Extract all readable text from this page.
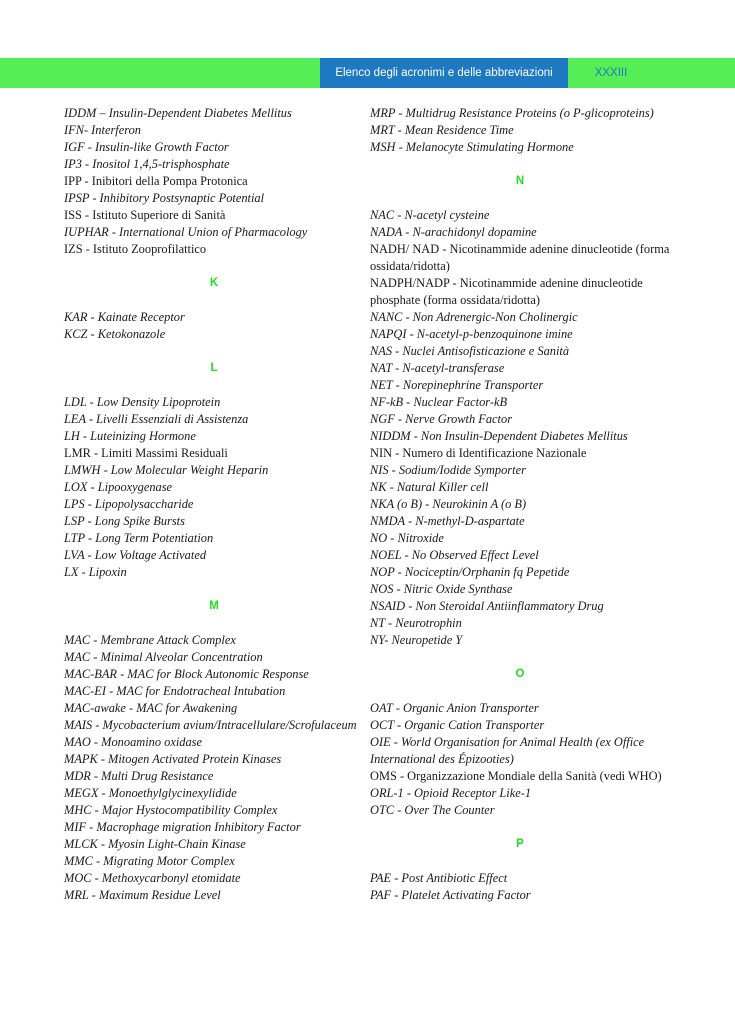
Elenco degli acronimi e delle abbreviazioni	XXXIII
IDDM – Insulin-Dependent Diabetes Mellitus
IFN- Interferon
IGF - Insulin-like Growth Factor
IP3 - Inositol 1,4,5-trisphosphate
IPP - Inibitori della Pompa Protonica
IPSP - Inhibitory Postsynaptic Potential
ISS - Istituto Superiore di Sanità
IUPHAR - International Union of Pharmacology
IZS - Istituto Zooprofilattico
K
KAR - Kainate Receptor
KCZ - Ketokonazole
L
LDL - Low Density Lipoprotein
LEA - Livelli Essenziali di Assistenza
LH - Luteinizing Hormone
LMR - Limiti Massimi Residuali
LMWH - Low Molecular Weight Heparin
LOX - Lipooxygenase
LPS - Lipopolysaccharide
LSP - Long Spike Bursts
LTP - Long Term Potentiation
LVA - Low Voltage Activated
LX - Lipoxin
M
MAC - Membrane Attack Complex
MAC - Minimal Alveolar Concentration
MAC-BAR - MAC for Block Autonomic Response
MAC-EI - MAC for Endotracheal Intubation
MAC-awake - MAC for Awakening
MAIS - Mycobacterium avium/Intracellulare/Scrofulaceum
MAO - Monoamino oxidase
MAPK - Mitogen Activated Protein Kinases
MDR - Multi Drug Resistance
MEGX - Monoethylglycinexylidide
MHC - Major Hystocompatibility Complex
MIF - Macrophage migration Inhibitory Factor
MLCK - Myosin Light-Chain Kinase
MMC - Migrating Motor Complex
MOC - Methoxycarbonyl etomidate
MRL - Maximum Residue Level
MRP - Multidrug Resistance Proteins (o P-glicoproteins)
MRT - Mean Residence Time
MSH - Melanocyte Stimulating Hormone
N
NAC - N-acetyl cysteine
NADA - N-arachidonyl dopamine
NADH/ NAD - Nicotinammide adenine dinucleotide (forma ossidata/ridotta)
NADPH/NADP - Nicotinammide adenine dinucleotide phosphate (forma ossidata/ridotta)
NANC - Non Adrenergic-Non Cholinergic
NAPQI - N-acetyl-p-benzoquinone imine
NAS - Nuclei Antisofisticazione e Sanità
NAT - N-acetyl-transferase
NET - Norepinephrine Transporter
NF-kB - Nuclear Factor-kB
NGF - Nerve Growth Factor
NIDDM - Non Insulin-Dependent Diabetes Mellitus
NIN - Numero di Identificazione Nazionale
NIS - Sodium/Iodide Symporter
NK - Natural Killer cell
NKA (o B) - Neurokinin A (o B)
NMDA - N-methyl-D-aspartate
NO - Nitroxide
NOEL - No Observed Effect Level
NOP - Nociceptin/Orphanin fq Pepetide
NOS - Nitric Oxide Synthase
NSAID - Non Steroidal Antiinflammatory Drug
NT - Neurotrophin
NY- Neuropetide Y
O
OAT - Organic Anion Transporter
OCT - Organic Cation Transporter
OIE - World Organisation for Animal Health (ex Office International des Épizooties)
OMS - Organizzazione Mondiale della Sanità (vedi WHO)
ORL-1 - Opioid Receptor Like-1
OTC - Over The Counter
P
PAE - Post Antibiotic Effect
PAF - Platelet Activating Factor
